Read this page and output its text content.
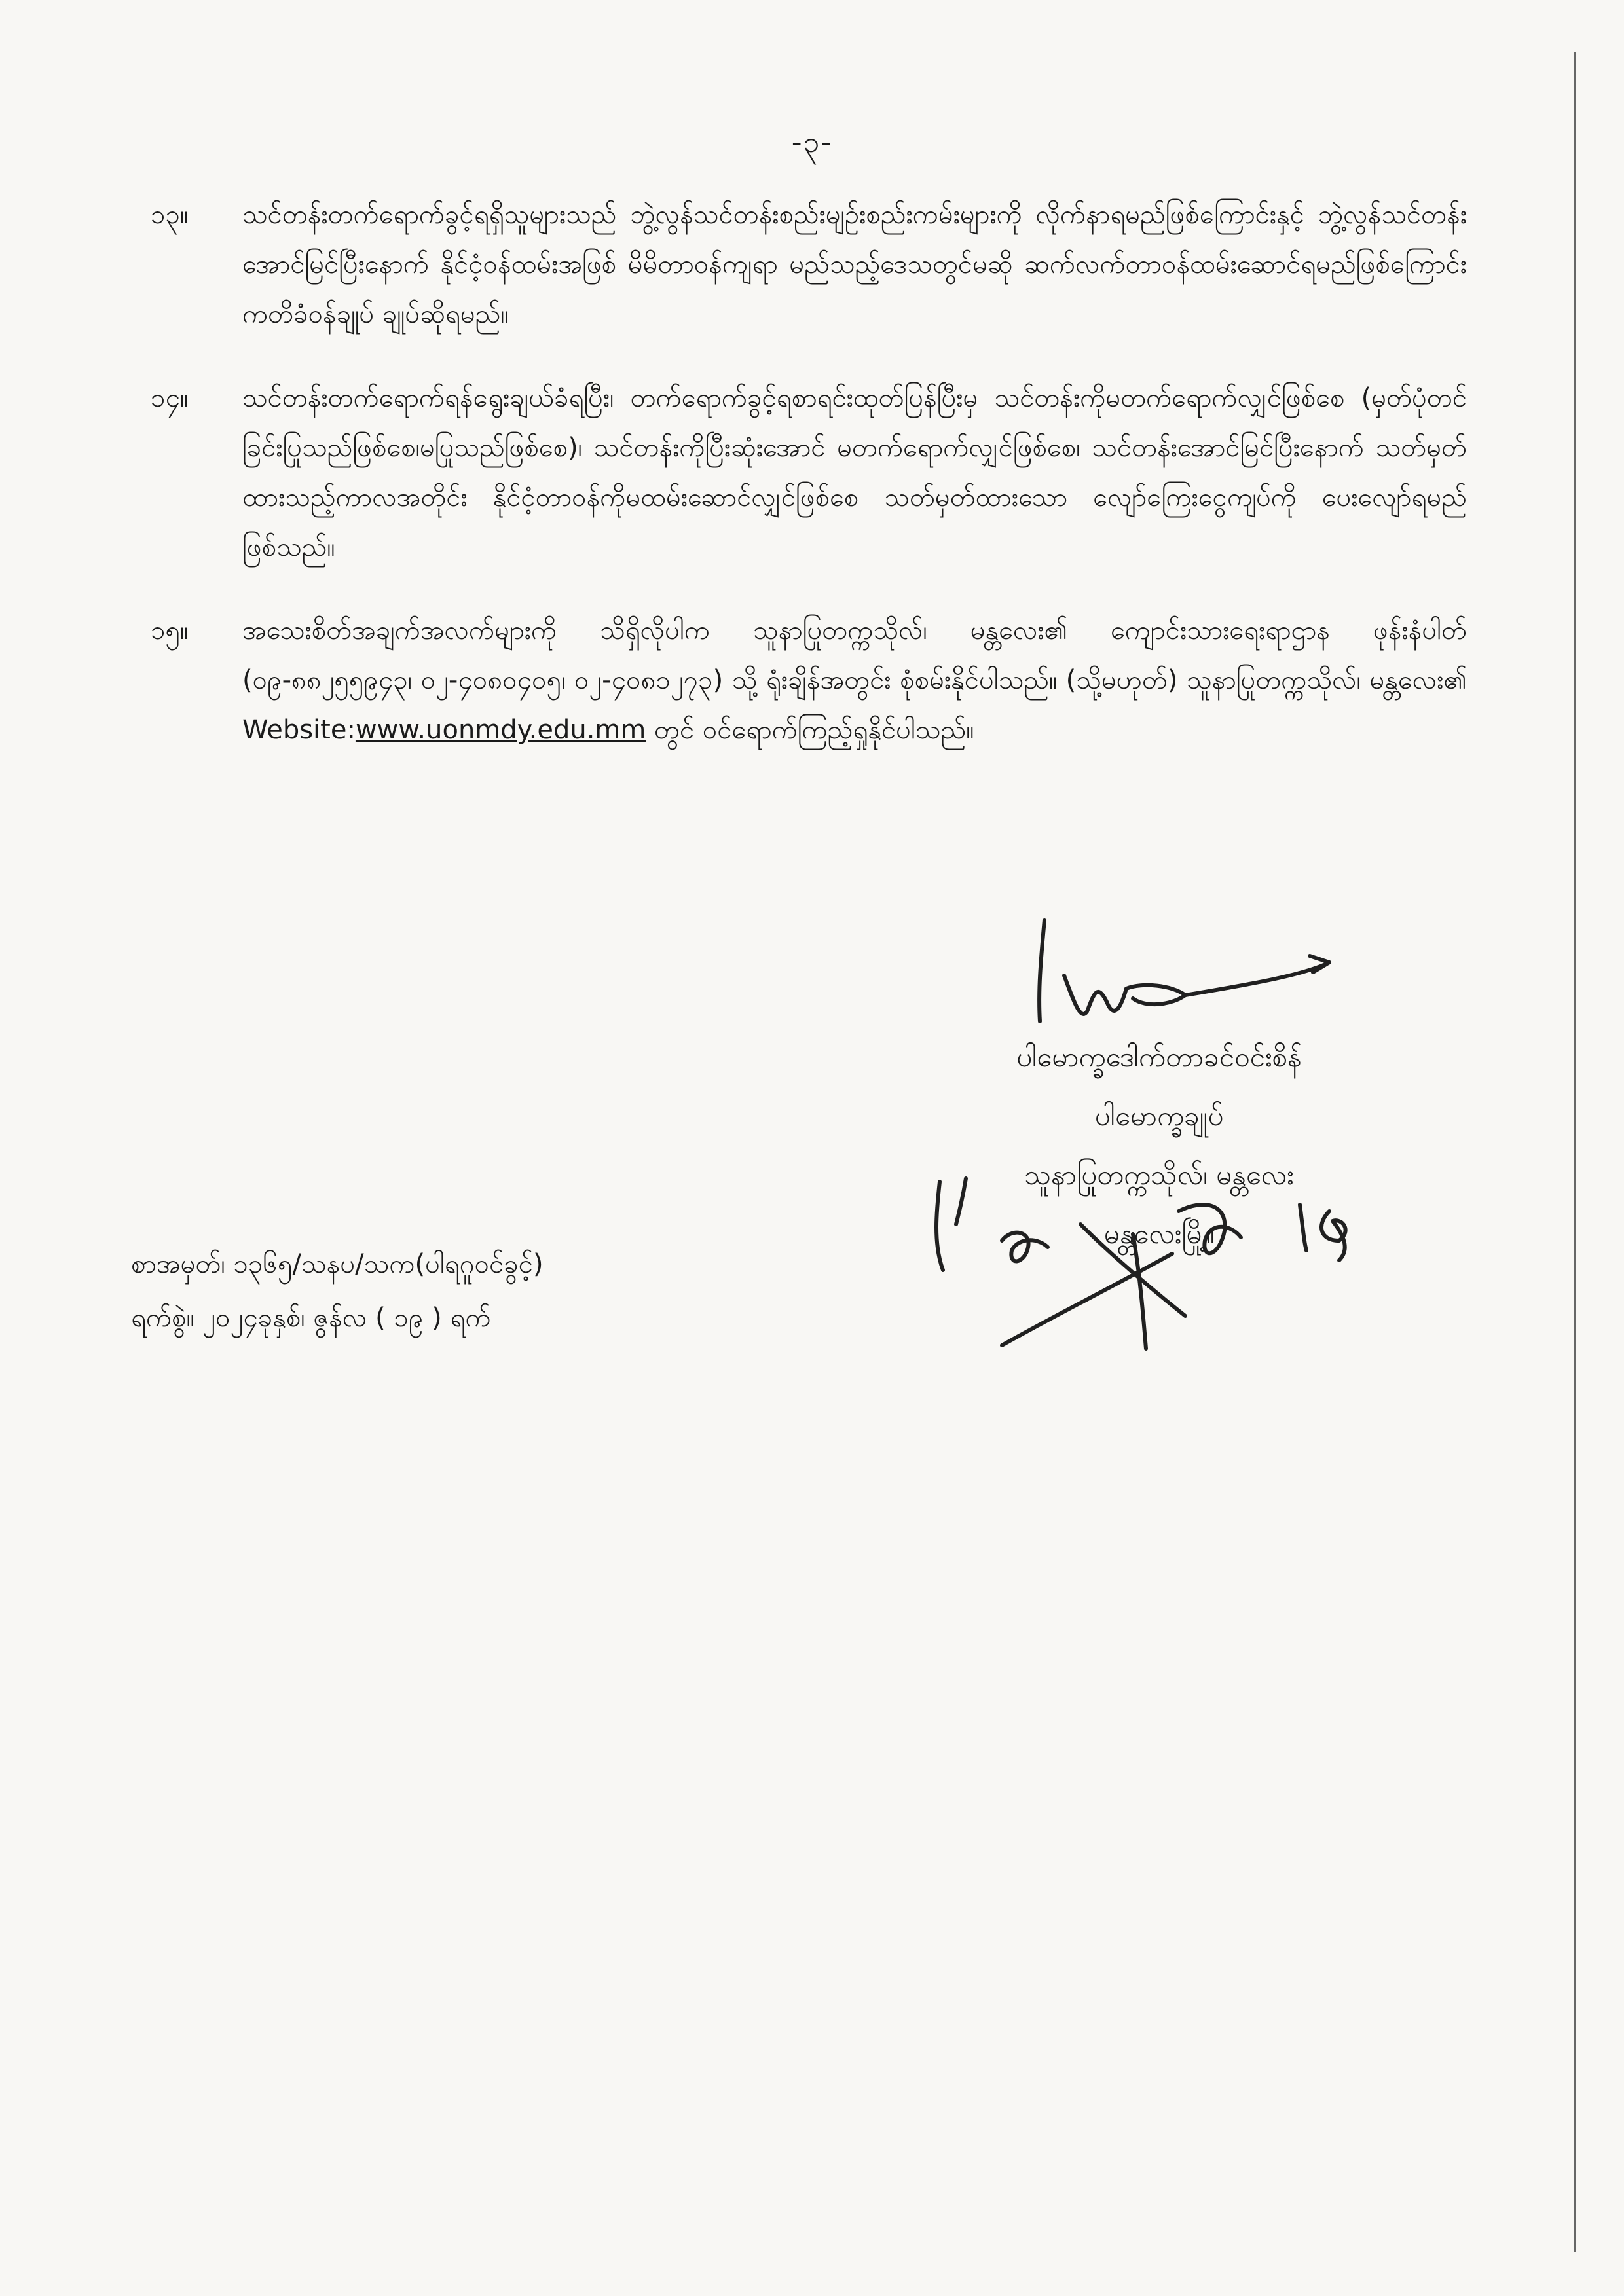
-၃-
၁၃။	သင်တန်းတက်ရောက်ခွင့်ရရှိသူများသည် ဘွဲ့လွန်သင်တန်းစည်းမျဉ်းစည်းကမ်းများကို လိုက်နာရမည်ဖြစ်ကြောင်းနှင့် ဘွဲ့လွန်သင်တန်းအောင်မြင်ပြီးနောက် နိုင်ငံ့ဝန်ထမ်းအဖြစ် မိမိတာဝန်ကျရာ မည်သည့်ဒေသတွင်မဆို ဆက်လက်တာဝန်ထမ်းဆောင်ရမည်ဖြစ်ကြောင်း ကတိခံဝန်ချုပ် ချုပ်ဆိုရမည်။
၁၄။	သင်တန်းတက်ရောက်ရန်ရွေးချယ်ခံရပြီး၊ တက်ရောက်ခွင့်ရစာရင်းထုတ်ပြန်ပြီးမှ သင်တန်းကိုမတက်ရောက်လျှင်ဖြစ်စေ (မှတ်ပုံတင်ခြင်းပြုသည်ဖြစ်စေ၊မပြုသည်ဖြစ်စေ)၊ သင်တန်းကိုပြီးဆုံးအောင် မတက်ရောက်လျှင်ဖြစ်စေ၊ သင်တန်းအောင်မြင်ပြီးနောက် သတ်မှတ်ထားသည့်ကာလအတိုင်း နိုင်ငံ့တာဝန်ကိုမထမ်းဆောင်လျှင်ဖြစ်စေ သတ်မှတ်ထားသော လျော်ကြေးငွေကျပ်ကို ပေးလျော်ရမည်ဖြစ်သည်။
၁၅။	အသေးစိတ်အချက်အလက်များကို သိရှိလိုပါက သူနာပြုတက္ကသိုလ်၊ မန္တလေး၏ ကျောင်းသားရေးရာဌာန ဖုန်းနံပါတ် (၀၉-၈၈၂၅၅၉၄၃၊ ၀၂-၄၀၈၀၄၀၅၊ ၀၂-၄၀၈၁၂၇၃) သို့ ရုံးချိန်အတွင်း စုံစမ်းနိုင်ပါသည်။ (သို့မဟုတ်) သူနာပြုတက္ကသိုလ်၊ မန္တလေး၏ Website:www.uonmdy.edu.mm တွင် ဝင်ရောက်ကြည့်ရှုနိုင်ပါသည်။
ပါမောက္ခဒေါက်တာခင်ဝင်းစိန်
ပါမောက္ခချုပ်
သူနာပြုတက္ကသိုလ်၊ မန္တလေး
မန္တလေးမြို့။
စာအမှတ်၊ ၁၃၆၅/သနပ/သက(ပါရဂူဝင်ခွင့်)
ရက်စွဲ။ ၂၀၂၄ခုနှစ်၊ ဇွန်လ ( ၁၉ ) ရက်
